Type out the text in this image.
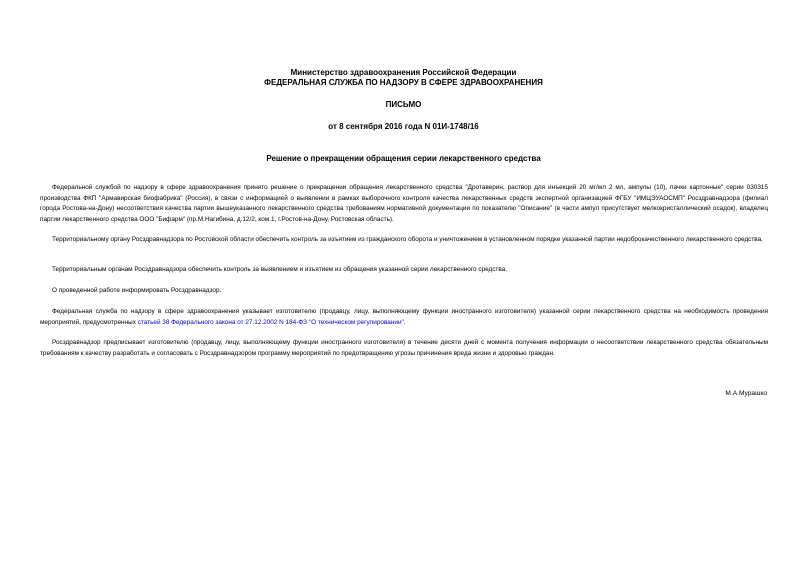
Министерство здравоохранения Российской Федерации
ФЕДЕРАЛЬНАЯ СЛУЖБА ПО НАДЗОРУ В СФЕРЕ ЗДРАВООХРАНЕНИЯ
ПИСЬМО
от 8 сентября 2016 года N 01И-1748/16
Решение о прекращении обращения серии лекарственного средства

Федеральной службой по надзору в сфере здравоохранения принято решение о прекращении обращения лекарственного средства "Дротаверин, раствор для инъекций 20 мг/мл 2 мл, ампулы (10), пачки картонные" серии 030315 производства ФКП "Армавирская биофабрика" (Россия), в связи с информацией о выявлении в рамках выборочного контроля качества лекарственных средств экспертной организацией ФГБУ "ИМЦЭУАОСМП" Росздравнадзора (филиал города Ростова-на-Дону) несоответствия качества партии вышеуказанного лекарственного средства требованиям нормативной документации по показателю "Описание" (в части ампул присутствует мелкокристаллический осадок), владелец партии лекарственного средства ООО "Бифарм" (пр.М.Нагибина, д.12/2, ком.1, г.Ростов-на-Дону, Ростовская область).

Территориальному органу Росздравнадзора по Ростовской области обеспечить контроль за изъятием из гражданского оборота и уничтожением в установленном порядке указанной партии недоброкачественного лекарственного средства.

Территориальным органам Росздравнадзора обеспечить контроль за выявлением и изъятием из обращения указанной серии лекарственного средства.

О проведенной работе информировать Росздравнадзор.

Федеральная служба по надзору в сфере здравоохранения указывает изготовителю (продавцу, лицу, выполняющему функции иностранного изготовителя) указанной серии лекарственного средства на необходимость проведения мероприятий, предусмотренных статьей 38 Федерального закона от 27.12.2002 N 184-ФЗ "О техническом регулировании".

Росздравнадзор предписывает изготовителю (продавцу, лицу, выполняющему функции иностранного изготовителя) в течение десяти дней с момента получения информации о несоответствии лекарственного средства обязательным требованиям к качеству разработать и согласовать с Росздравнадзором программу мероприятий по предотвращению угрозы причинения вреда жизни и здоровью граждан.

М.А.Мурашко
